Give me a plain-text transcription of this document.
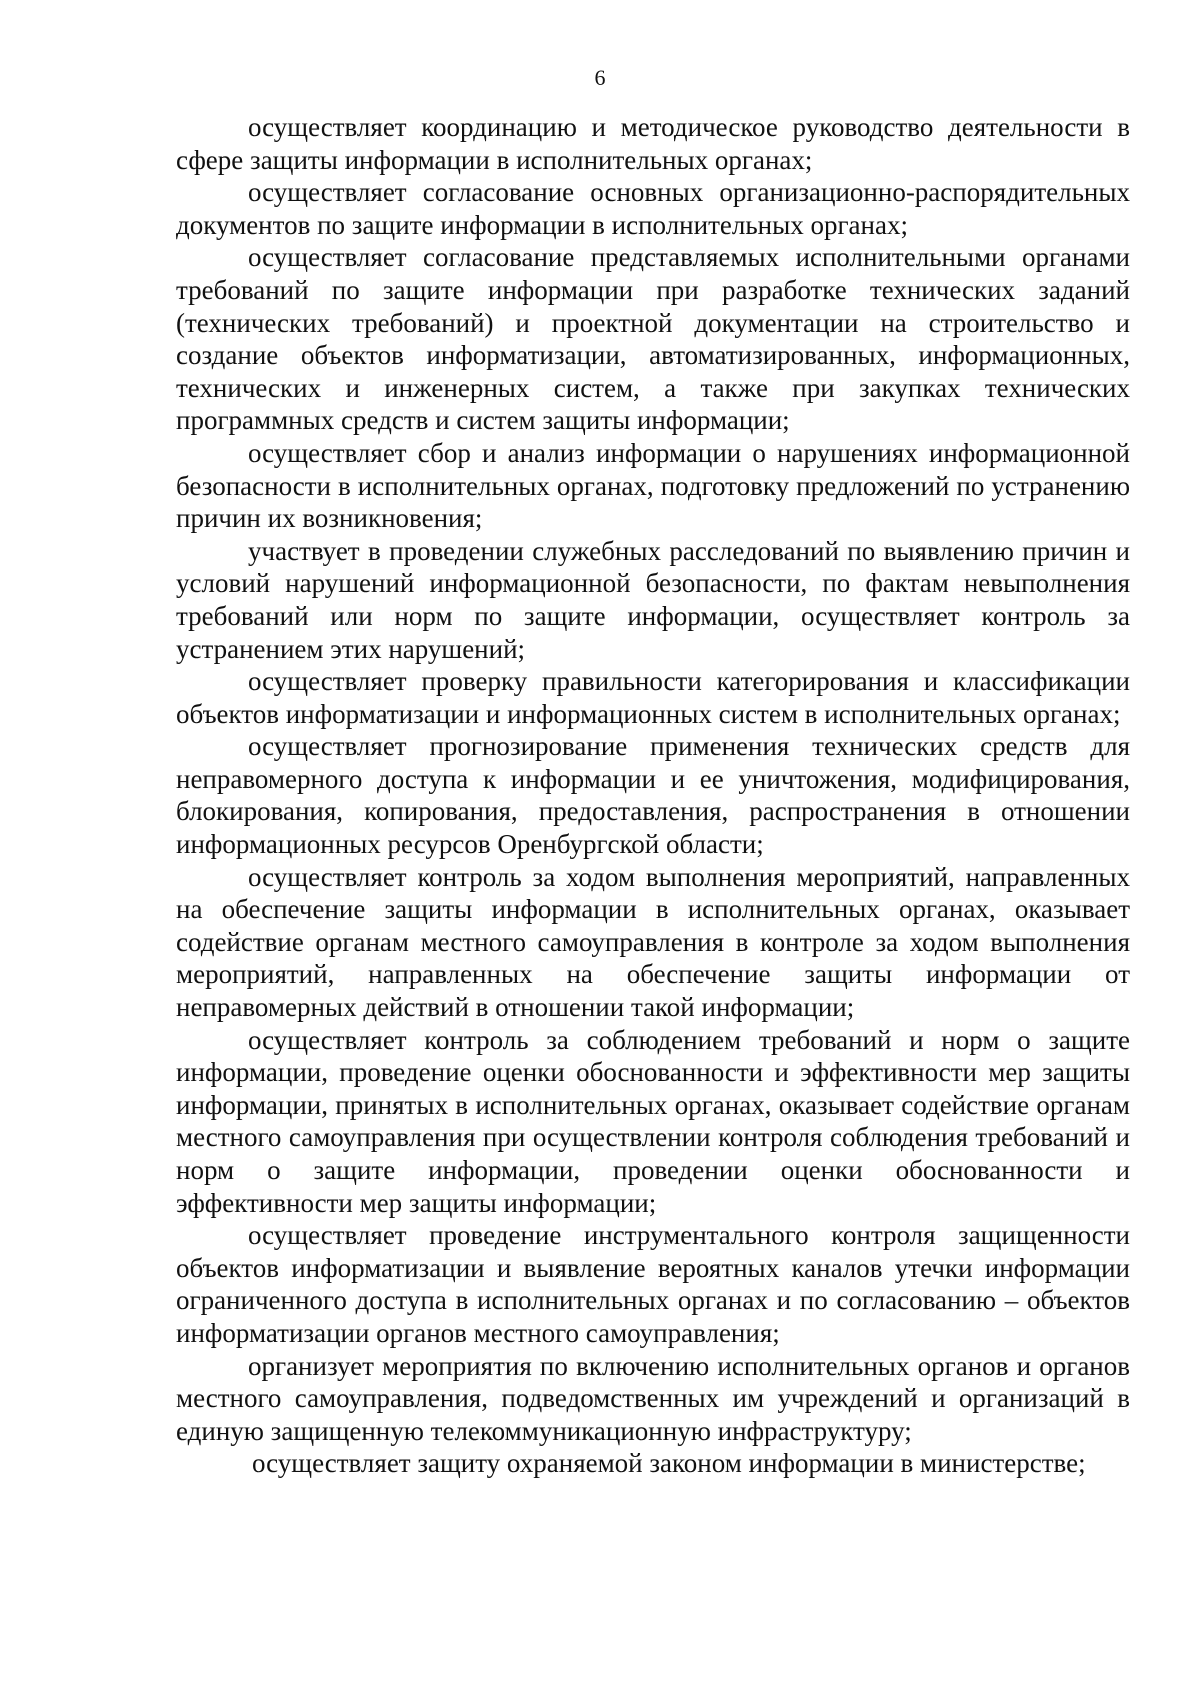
6

осуществляет координацию и методическое руководство деятельности в сфере защиты информации в исполнительных органах;

осуществляет согласование основных организационно-распорядительных документов по защите информации в исполнительных органах;

осуществляет согласование представляемых исполнительными органами требований по защите информации при разработке технических заданий (технических требований) и проектной документации на строительство и создание объектов информатизации, автоматизированных, информационных, технических и инженерных систем, а также при закупках технических программных средств и систем защиты информации;

осуществляет сбор и анализ информации о нарушениях информационной безопасности в исполнительных органах, подготовку предложений по устранению причин их возникновения;

участвует в проведении служебных расследований по выявлению причин и условий нарушений информационной безопасности, по фактам невыполнения требований или норм по защите информации, осуществляет контроль за устранением этих нарушений;

осуществляет проверку правильности категорирования и классификации объектов информатизации и информационных систем в исполнительных органах;

осуществляет прогнозирование применения технических средств для неправомерного доступа к информации и ее уничтожения, модифицирования, блокирования, копирования, предоставления, распространения в отношении информационных ресурсов Оренбургской области;

осуществляет контроль за ходом выполнения мероприятий, направленных на обеспечение защиты информации в исполнительных органах, оказывает содействие органам местного самоуправления в контроле за ходом выполнения мероприятий, направленных на обеспечение защиты информации от неправомерных действий в отношении такой информации;

осуществляет контроль за соблюдением требований и норм о защите информации, проведение оценки обоснованности и эффективности мер защиты информации, принятых в исполнительных органах, оказывает содействие органам местного самоуправления при осуществлении контроля соблюдения требований и норм о защите информации, проведении оценки обоснованности и эффективности мер защиты информации;

осуществляет проведение инструментального контроля защищенности объектов информатизации и выявление вероятных каналов утечки информации ограниченного доступа в исполнительных органах и по согласованию – объектов информатизации органов местного самоуправления;

организует мероприятия по включению исполнительных органов и органов местного самоуправления, подведомственных им учреждений и организаций в единую защищенную телекоммуникационную инфраструктуру;

осуществляет защиту охраняемой законом информации в министерстве;
